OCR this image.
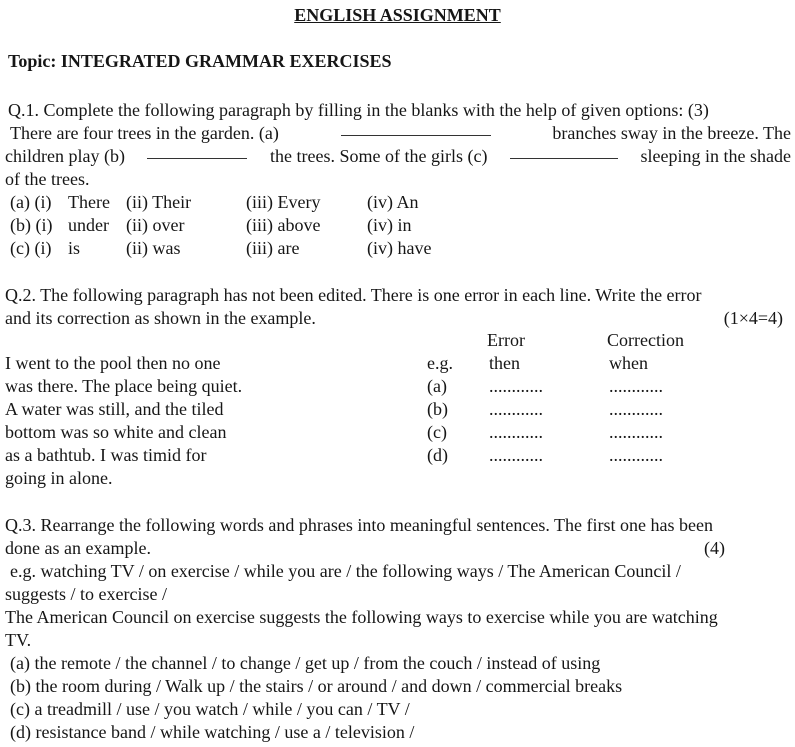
ENGLISH ASSIGNMENT
Topic: INTEGRATED GRAMMAR EXERCISES
Q.1. Complete the following paragraph by filling in the blanks with the help of given options: (3)
There are four trees in the garden. (a)	branches sway in the breeze. The
children play (b)	the trees. Some of the girls (c)	sleeping in the shade
of the trees.
(a) (i) There (ii) Their	(iii) Every	(iv) An
(b) (i) under (ii) over	(iii) above	(iv) in
(c) (i) is	(ii) was	(iii) are	(iv) have
Q.2. The following paragraph has not been edited. There is one error in each line. Write the error
and its correction as shown in the example.	(1×4=4)
Error	Correction
I went to the pool then no one
was there. The place being quiet.
A water was still, and the tiled
bottom was so white and clean
as a bathtub. I was timid for
going in alone.
e.g. then	when
(a) ............	............
(b) ............	............
(c) ............	............
(d) ............	............
Q.3. Rearrange the following words and phrases into meaningful sentences. The first one has been
done as an example.	(4)
e.g. watching TV / on exercise / while you are / the following ways / The American Council /
suggests / to exercise /
The American Council on exercise suggests the following ways to exercise while you are watching
TV.
(a) the remote / the channel / to change / get up / from the couch / instead of using
(b) the room during / Walk up / the stairs / or around / and down / commercial breaks
(c) a treadmill / use / you watch / while / you can / TV /
(d) resistance band / while watching / use a / television /
